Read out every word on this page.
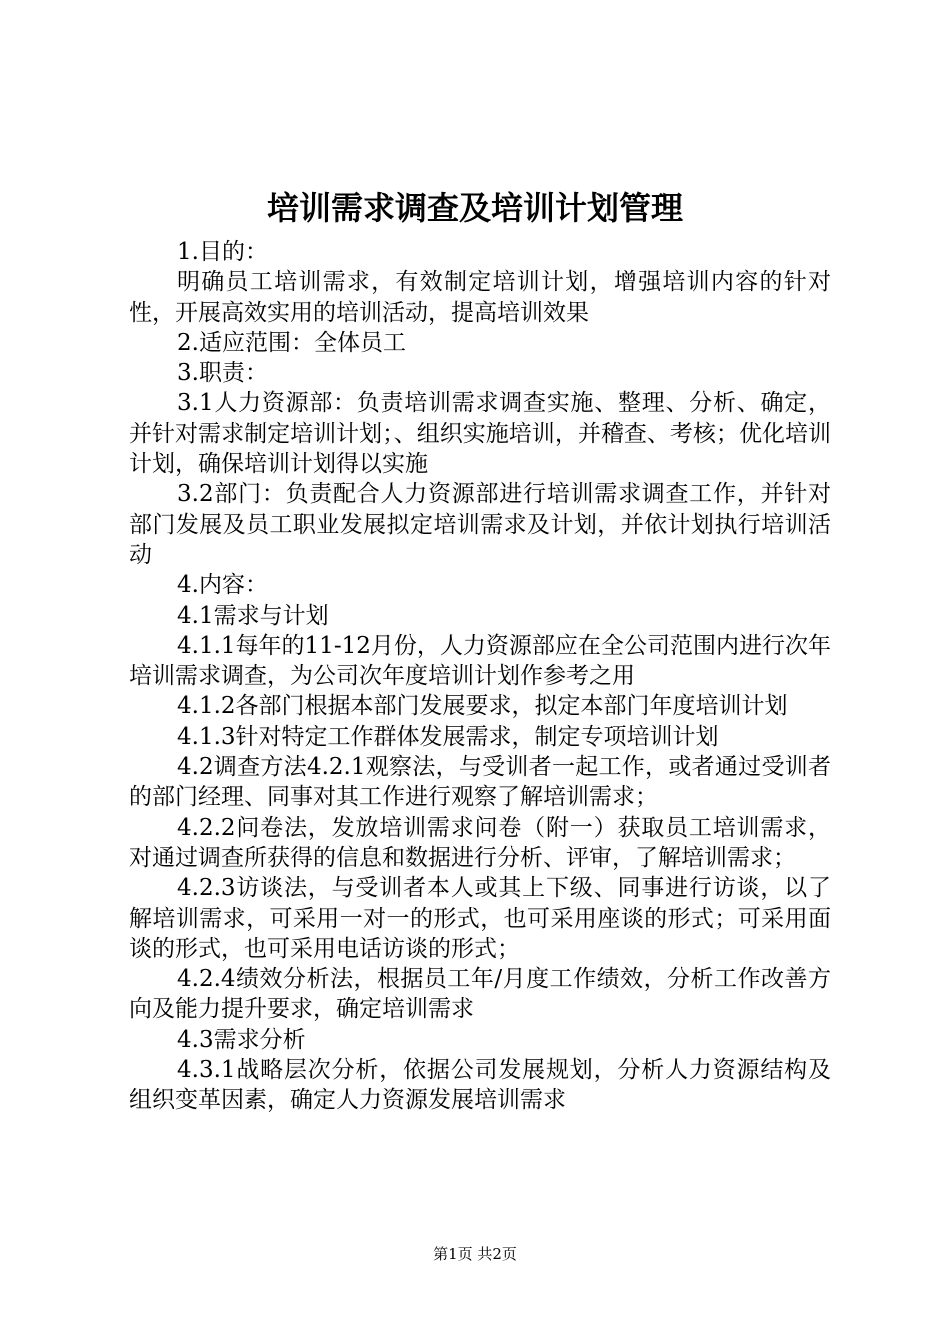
培训需求调查及培训计划管理

1.目的：

明确员工培训需求，有效制定培训计划，增强培训内容的针对性，开展高效实用的培训活动，提高培训效果

2.适应范围：全体员工

3.职责：

3.1人力资源部：负责培训需求调查实施、整理、分析、确定，并针对需求制定培训计划；、组织实施培训，并稽查、考核；优化培训计划，确保培训计划得以实施

3.2部门：负责配合人力资源部进行培训需求调查工作，并针对部门发展及员工职业发展拟定培训需求及计划，并依计划执行培训活动

4.内容：

4.1需求与计划

4.1.1每年的11-12月份，人力资源部应在全公司范围内进行次年培训需求调查，为公司次年度培训计划作参考之用

4.1.2各部门根据本部门发展要求，拟定本部门年度培训计划

4.1.3针对特定工作群体发展需求，制定专项培训计划

4.2调查方法4.2.1观察法，与受训者一起工作，或者通过受训者的部门经理、同事对其工作进行观察了解培训需求；

4.2.2问卷法，发放培训需求问卷（附一）获取员工培训需求，对通过调查所获得的信息和数据进行分析、评审，了解培训需求；

4.2.3访谈法，与受训者本人或其上下级、同事进行访谈，以了解培训需求，可采用一对一的形式，也可采用座谈的形式；可采用面谈的形式，也可采用电话访谈的形式；

4.2.4绩效分析法，根据员工年/月度工作绩效，分析工作改善方向及能力提升要求，确定培训需求

4.3需求分析

4.3.1战略层次分析，依据公司发展规划，分析人力资源结构及组织变革因素，确定人力资源发展培训需求

第1页 共2页
